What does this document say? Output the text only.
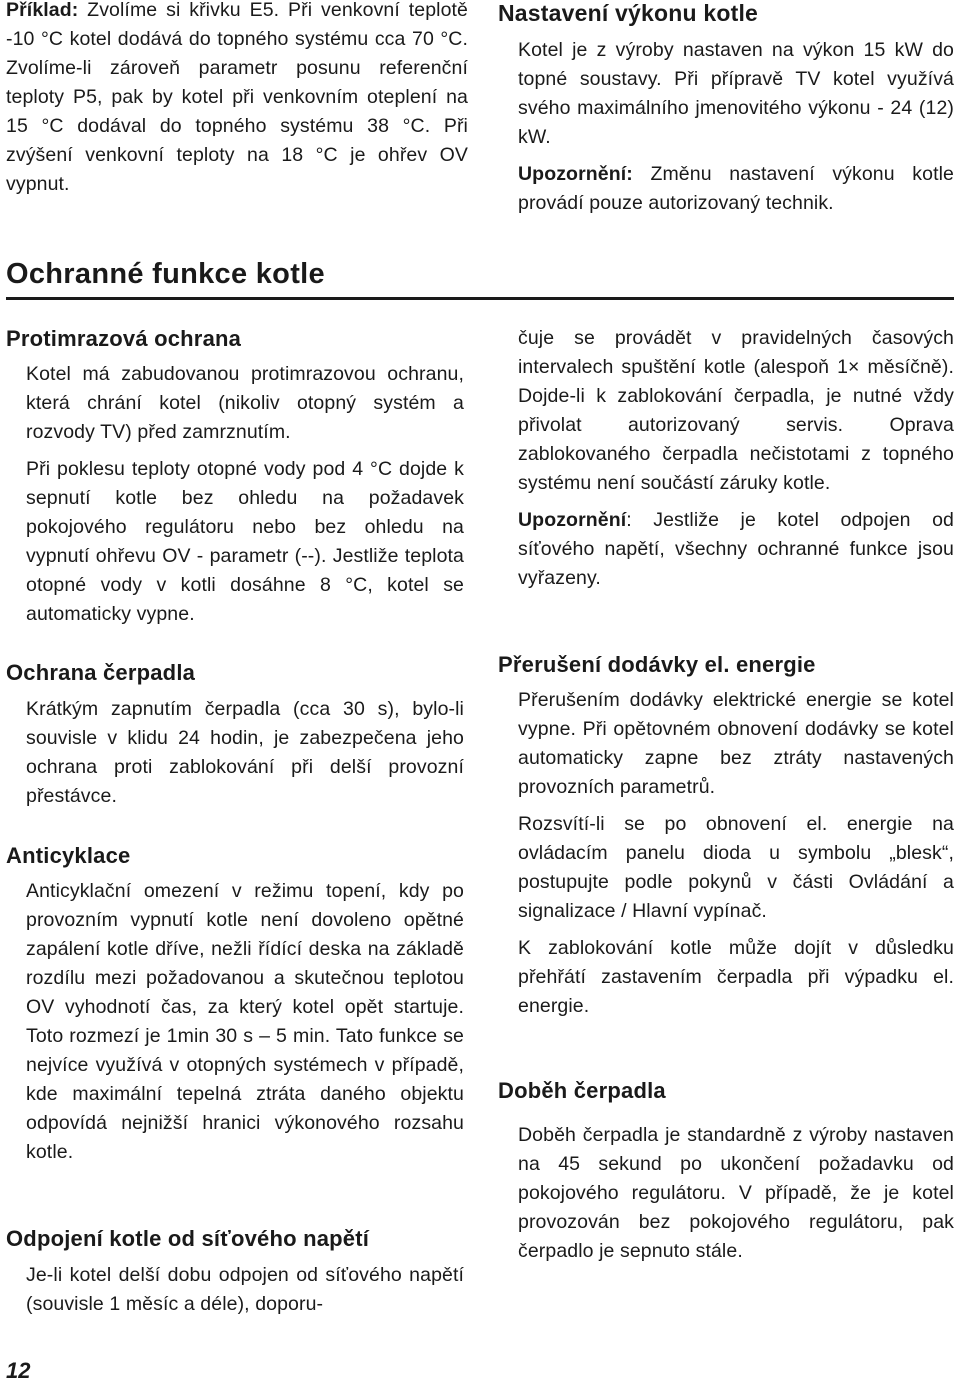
Příklad: Zvolíme si křivku E5. Při venkovní teplotě -10 °C kotel dodává do topného systému cca 70 °C. Zvolíme-li zároveň parametr posunu referenční teploty P5, pak by kotel při venkovním oteplení na 15 °C dodával do topného systému 38 °C. Při zvýšení venkovní teploty na 18 °C je ohřev OV vypnut.

Nastavení výkonu kotle

Kotel je z výroby nastaven na výkon 15 kW do topné soustavy. Při přípravě TV kotel využívá svého maximálního jmenovitého výkonu - 24 (12) kW.

Upozornění: Změnu nastavení výkonu kotle provádí pouze autorizovaný technik.

Ochranné funkce kotle
Protimrazová ochrana

Kotel má zabudovanou protimrazovou ochranu, která chrání kotel (nikoliv otopný systém a rozvody TV) před zamrznutím.

Při poklesu teploty otopné vody pod 4 °C dojde k sepnutí kotle bez ohledu na požadavek pokojového regulátoru nebo bez ohledu na vypnutí ohřevu OV - parametr (--). Jestliže teplota otopné vody v kotli dosáhne 8 °C, kotel se automaticky vypne.

Ochrana čerpadla

Krátkým zapnutím čerpadla (cca 30 s), bylo-li souvisle v klidu 24 hodin, je zabezpečena jeho ochrana proti zablokování při delší provozní přestávce.

Anticyklace

Anticyklační omezení v režimu topení, kdy po provozním vypnutí kotle není dovoleno opětné zapálení kotle dříve, nežli řídící deska na základě rozdílu mezi požadovanou a skutečnou teplotou OV vyhodnotí čas, za který kotel opět startuje. Toto rozmezí je 1min 30 s – 5 min. Tato funkce se nejvíce využívá v otopných systémech v případě, kde maximální tepelná ztráta daného objektu odpovídá nejnižší hranici výkonového rozsahu kotle.

Odpojení kotle od síťového napětí

Je-li kotel delší dobu odpojen od síťového napětí (souvisle 1 měsíc a déle), doporu-

12

čuje se provádět v pravidelných časových intervalech spuštění kotle (alespoň 1× měsíčně). Dojde-li k zablokování čerpadla, je nutné vždy přivolat autorizovaný servis. Oprava zablokovaného čerpadla nečistotami z topného systému není součástí záruky kotle.

Upozornění: Jestliže je kotel odpojen od síťového napětí, všechny ochranné funkce jsou vyřazeny.

Přerušení dodávky el. energie

Přerušením dodávky elektrické energie se kotel vypne. Při opětovném obnovení dodávky se kotel automaticky zapne bez ztráty nastavených provozních parametrů.

Rozsvítí-li se po obnovení el. energie na ovládacím panelu dioda u symbolu „blesk“, postupujte podle pokynů v části Ovládání a signalizace / Hlavní vypínač.

K zablokování kotle může dojít v důsledku přehřátí zastavením čerpadla při výpadku el. energie.

Doběh čerpadla

Doběh čerpadla je standardně z výroby nastaven na 45 sekund po ukončení požadavku od pokojového regulátoru. V případě, že je kotel provozován bez pokojového regulátoru, pak čerpadlo je sepnuto stále.
